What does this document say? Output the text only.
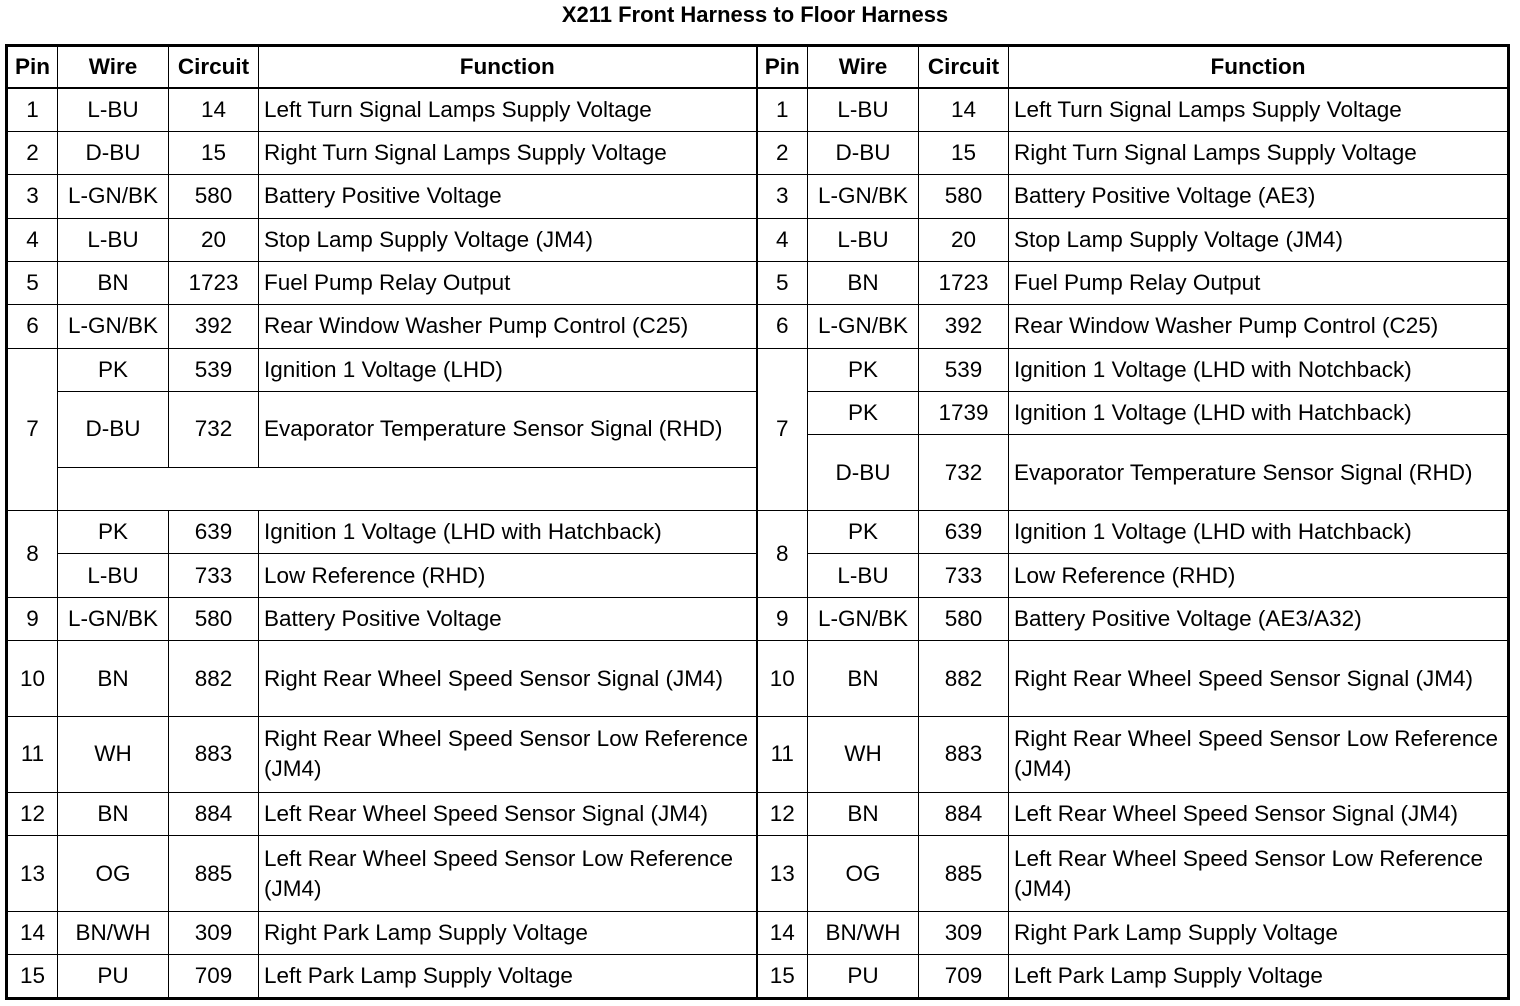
X211 Front Harness to Floor Harness
Pin	Wire	Circuit	Function	Pin	Wire	Circuit	Function
1	L-BU	14	Left Turn Signal Lamps Supply Voltage	1	L-BU	14	Left Turn Signal Lamps Supply Voltage
2	D-BU	15	Right Turn Signal Lamps Supply Voltage	2	D-BU	15	Right Turn Signal Lamps Supply Voltage
3	L-GN/BK	580	Battery Positive Voltage	3	L-GN/BK	580	Battery Positive Voltage (AE3)
4	L-BU	20	Stop Lamp Supply Voltage (JM4)	4	L-BU	20	Stop Lamp Supply Voltage (JM4)
5	BN	1723	Fuel Pump Relay Output	5	BN	1723	Fuel Pump Relay Output
6	L-GN/BK	392	Rear Window Washer Pump Control (C25)	6	L-GN/BK	392	Rear Window Washer Pump Control (C25)
7	PK	539	Ignition 1 Voltage (LHD)	7	PK	539	Ignition 1 Voltage (LHD with Notchback)
	D-BU	732	Evaporator Temperature Sensor Signal (RHD)		PK	1739	Ignition 1 Voltage (LHD with Hatchback)
					D-BU	732	Evaporator Temperature Sensor Signal (RHD)

8	PK	639	Ignition 1 Voltage (LHD with Hatchback)	8	PK	639	Ignition 1 Voltage (LHD with Hatchback)
	L-BU	733	Low Reference (RHD)		L-BU	733	Low Reference (RHD)
9	L-GN/BK	580	Battery Positive Voltage	9	L-GN/BK	580	Battery Positive Voltage (AE3/A32)
10	BN	882	Right Rear Wheel Speed Sensor Signal (JM4)	10	BN	882	Right Rear Wheel Speed Sensor Signal (JM4)
11	WH	883	Right Rear Wheel Speed Sensor Low Reference (JM4)	11	WH	883	Right Rear Wheel Speed Sensor Low Reference (JM4)
12	BN	884	Left Rear Wheel Speed Sensor Signal (JM4)	12	BN	884	Left Rear Wheel Speed Sensor Signal (JM4)
13	OG	885	Left Rear Wheel Speed Sensor Low Reference (JM4)	13	OG	885	Left Rear Wheel Speed Sensor Low Reference (JM4)
14	BN/WH	309	Right Park Lamp Supply Voltage	14	BN/WH	309	Right Park Lamp Supply Voltage
15	PU	709	Left Park Lamp Supply Voltage	15	PU	709	Left Park Lamp Supply Voltage
